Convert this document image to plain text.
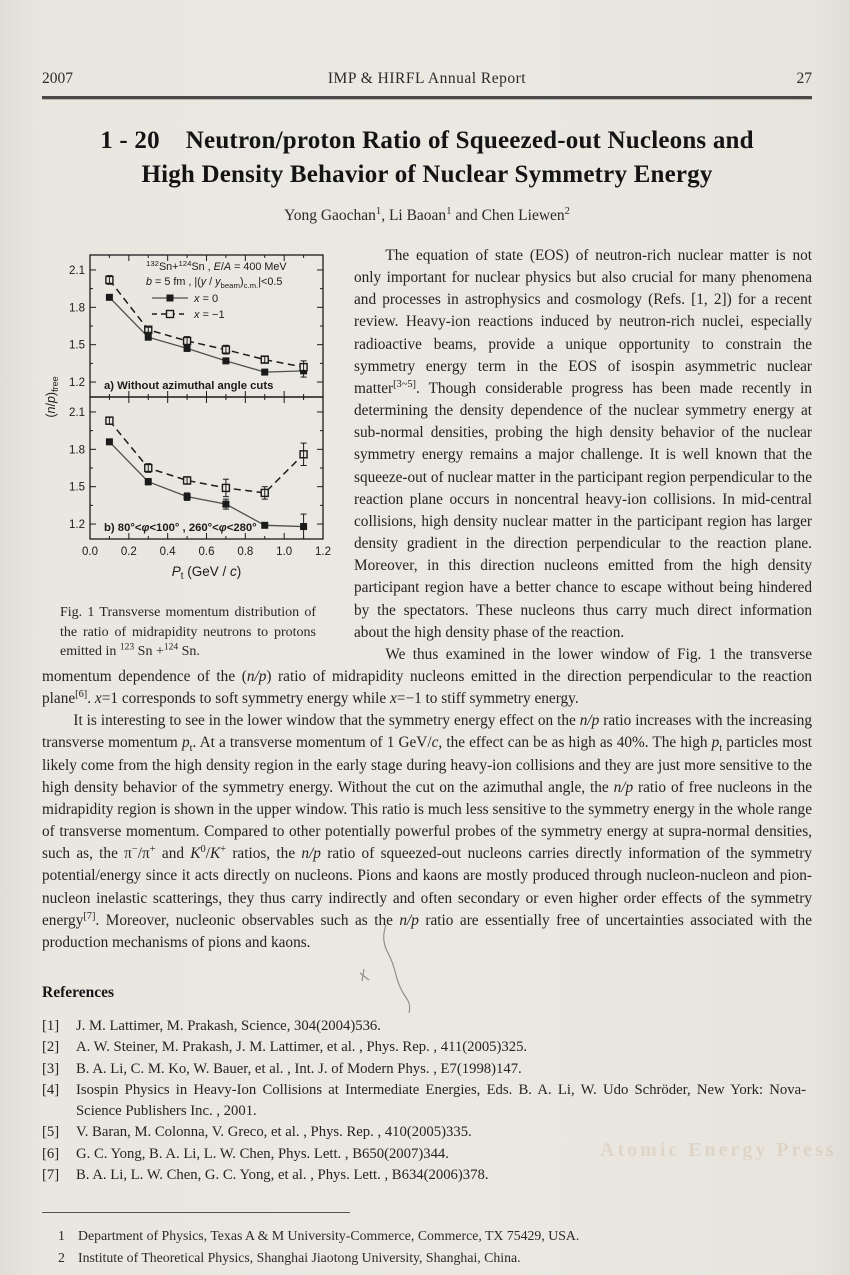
2007	IMP & HIRFL Annual Report	27
1 - 20 Neutron/proton Ratio of Squeezed-out Nucleons and
High Density Behavior of Nuclear Symmetry Energy
Yong Gaochan$^1$, Li Baoan$^1$ and Chen Liewen$^2$
1.2
1.5
1.8
2.1
a) Without azimuthal angle cuts
1.2
1.5
1.8
2.1
b) 80°<φ<100° , 260°<φ<280°
0.0 0.2 0.4 0.6 0.8 1.0 1.2
$P_t$ (GeV / c)
$(n/p)_{free}$
$^{132}$Sn+$^{124}$Sn , E/A = 400 MeV
b = 5 fm , $|(y / y_{beam})_{c.m.}|<0.5$
x = 0
x = −1
Fig. 1 Transverse momentum distribution of the ratio of midrapidity neutrons to protons emitted in $^{123}$ Sn +$^{124}$ Sn.

The equation of state (EOS) of neutron-rich nuclear matter is not only important for nuclear physics but also crucial for many phenomena and processes in astrophysics and cosmology (Refs. [1, 2]) for a recent review. Heavy-ion reactions induced by neutron-rich nuclei, especially radioactive beams, provide a unique opportunity to constrain the symmetry energy term in the EOS of isospin asymmetric nuclear matter[3~5]. Though considerable progress has been made recently in determining the density dependence of the nuclear symmetry energy at sub-normal densities, probing the high density behavior of the nuclear symmetry energy remains a major challenge. It is well known that the squeeze-out of nuclear matter in the participant region perpendicular to the reaction plane occurs in noncentral heavy-ion collisions. In mid-central collisions, high density nuclear matter in the participant region has larger density gradient in the direction perpendicular to the reaction plane. Moreover, in this direction nucleons emitted from the high density participant region have a better chance to escape without being hindered by the spectators. These nucleons thus carry much direct information about the high density phase of the reaction.

We thus examined in the lower window of Fig. 1 the transverse momentum dependence of the (n/p) ratio of midrapidity nucleons emitted in the direction perpendicular to the reaction plane[6]. x=1 corresponds to soft symmetry energy while x=−1 to stiff symmetry energy.

It is interesting to see in the lower window that the symmetry energy effect on the n/p ratio increases with the increasing transverse momentum $p_t$. At a transverse momentum of 1 GeV/c, the effect can be as high as 40%. The high $p_t$ particles most likely come from the high density region in the early stage during heavy-ion collisions and they are just more sensitive to the high density behavior of the symmetry energy. Without the cut on the azimuthal angle, the n/p ratio of free nucleons in the midrapidity region is shown in the upper window. This ratio is much less sensitive to the symmetry energy in the whole range of transverse momentum. Compared to other potentially powerful probes of the symmetry energy at supra-normal densities, such as, the π−/π+ and $K^0/K^+$ ratios, the n/p ratio of squeezed-out nucleons carries directly information of the symmetry potential/energy since it acts directly on nucleons. Pions and kaons are mostly produced through nucleon-nucleon and pion-nucleon inelastic scatterings, they thus carry indirectly and often secondary or even higher order effects of the symmetry energy[7]. Moreover, nucleonic observables such as the n/p ratio are essentially free of uncertainties associated with the production mechanisms of pions and kaons.

References
[1]	J. M. Lattimer, M. Prakash, Science, 304(2004)536.
[2]	A. W. Steiner, M. Prakash, J. M. Lattimer, et al. , Phys. Rep. , 411(2005)325.
[3]	B. A. Li, C. M. Ko, W. Bauer, et al. , Int. J. of Modern Phys. , E7(1998)147.
[4]	Isospin Physics in Heavy-Ion Collisions at Intermediate Energies, Eds. B. A. Li, W. Udo Schröder, New York: Nova-Science Publishers Inc. , 2001.
[5]	V. Baran, M. Colonna, V. Greco, et al. , Phys. Rep. , 410(2005)335.
[6]	G. C. Yong, B. A. Li, L. W. Chen, Phys. Lett. , B650(2007)344.
[7]	B. A. Li, L. W. Chen, G. C. Yong, et al. , Phys. Lett. , B634(2006)378.
1 Department of Physics, Texas A & M University-Commerce, Commerce, TX 75429, USA.
2 Institute of Theoretical Physics, Shanghai Jiaotong University, Shanghai, China.
Atomic Energy Press
